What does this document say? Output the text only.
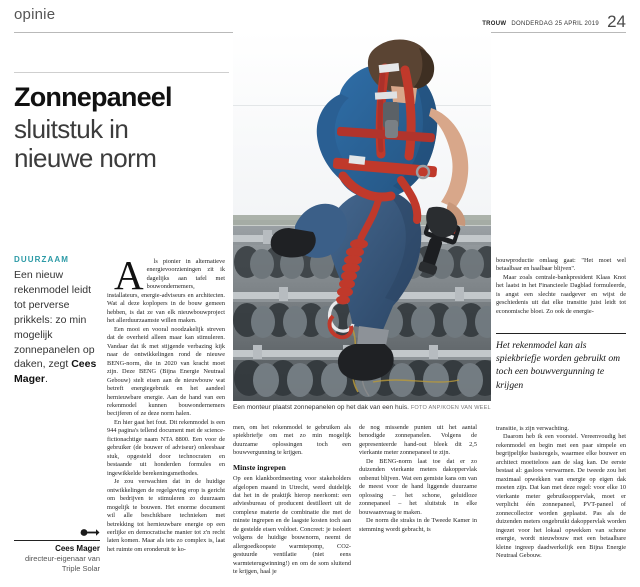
opinie
TROUW DONDERDAG 25 APRIL 2019 24
Zonnepaneel
sluitstuk in
nieuwe norm
DUURZAAM
Een nieuw rekenmodel leidt tot perverse prikkels: zo min mogelijk zonnepanelen op daken, zegt Cees Mager.
Cees Mager
directeur-eigenaar van
Triple Solar
Een monteur plaatst zonnepanelen op het dak van een huis. FOTO ANP/KOEN VAN WEEL
Het rekenmodel kan als spiekbriefje worden gebruikt om toch een bouwvergunning te krijgen

A ls pionier in alternatieve energievoorzieningen zit ik dagelijks aan tafel met bouwondernemers, installateurs, energie-adviseurs en architecten. Wat al deze koplopers in de bouw gemeen hebben, is dat ze van elk nieuwbouwproject het allerduurzaamste willen maken.

Een mooi en vooral noodzakelijk streven dat de overheid alleen maar kan stimuleren. Vandaar dat ik met stijgende verbazing kijk naar de ontwikkelingen rond de nieuwe BENG-norm, die in 2020 van kracht moet zijn. Deze BENG (Bijna Energie Neutraal Gebouw) stelt eisen aan de nieuwbouw wat betreft energiegebruik en het aandeel hernieuwbare energie. Aan de hand van een rekenmodel kunnen bouwondernemers becijferen of ze deze norm halen.

En hier gaat het fout. Dit rekenmodel is een 944 pagina's tellend document met de science-fictionachtige naam NTA 8800. Een voor de gebruiker (de bouwer of adviseur) onleesbaar stuk, opgesteld door technocraten en bestaande uit honderden formules en ingewikkelde berekeningsmethodes.

Je zou verwachten dat in de huidige ontwikkelingen de regelgeving erop is gericht om bedrijven te stimuleren zo duurzaam mogelijk te bouwen. Het enorme document wil alle beschikbare technieken met betrekking tot hernieuwbare energie op een eerlijke en democratische manier tot z'n recht laten komen. Maar als iets zo complex is, laat het ruimte om eronderuit te ko-

men, om het rekenmodel te gebruiken als spiekbriefje om met zo min mogelijk duurzame oplossingen toch een bouwvergunning te krijgen.

Minste ingrepen

Op een klankbordmeeting voor stakeholders afgelopen maand in Utrecht, werd duidelijk dat het in de praktijk hierop neerkomt: een adviesbureau of producent destilleert uit de complexe materie de combinatie die met de minste ingrepen en de laagste kosten toch aan de gestelde eisen voldoet. Concreet: je isoleert volgens de huidige bouwnorm, neemt de allergoedkoopste warmtepomp, CO2-gestuurde ventilatie (niet eens warmteterugwinning!) en om de som sluitend te krijgen, haal je

de nog missende punten uit het aantal benodigde zonnepanelen. Volgens de gepresenteerde hand-out bleek dit 2,5 vierkante meter zonnepaneel te zijn.

De BENG-norm laat toe dat er zo duizenden vierkante meters dakoppervlak onbenut blijven. Wat een gemiste kans om van de meest voor de hand liggende duurzame oplossing – het schone, geluidloze zonnepaneel – het sluitstuk in elke bouwaanvraag te maken.

De norm die straks in de Tweede Kamer in stemming wordt gebracht, is

bouwproductie omlaag gaat: "Het moet wel betaalbaar en haalbaar blijven".

Maar zoals centrale-bankpresident Klaas Knot het laatst in het Financieele Dagblad formuleerde, is angst een slechte raadgever en wijst de geschiedenis uit dat elke transitie juist leidt tot economische bloei. Zo ook de energie-

transitie, is zijn verwachting.

Daarom heb ik een voorstel. Vereenvoudig het rekenmodel en begin met een paar simpele en begrijpelijke basisregels, waarmee elke bouwer en architect moeiteloos aan de slag kan. De eerste bestaat al: gasloos verwarmen. De tweede zou het maximaal opwekken van energie op eigen dak moeten zijn. Dat kan met deze regel: voor elke 10 vierkante meter gebruiksoppervlak, moet er verplicht één zonnepaneel, PVT-paneel of zonnecollector worden geplaatst. Pas als de duizenden meters ongebruikt dakoppervlak worden ingezet voor het lokaal opwekken van schone energie, wordt nieuwbouw met een betaalbare kleine ingreep daadwerkelijk een Bijna Energie Neutraal Gebouw.
